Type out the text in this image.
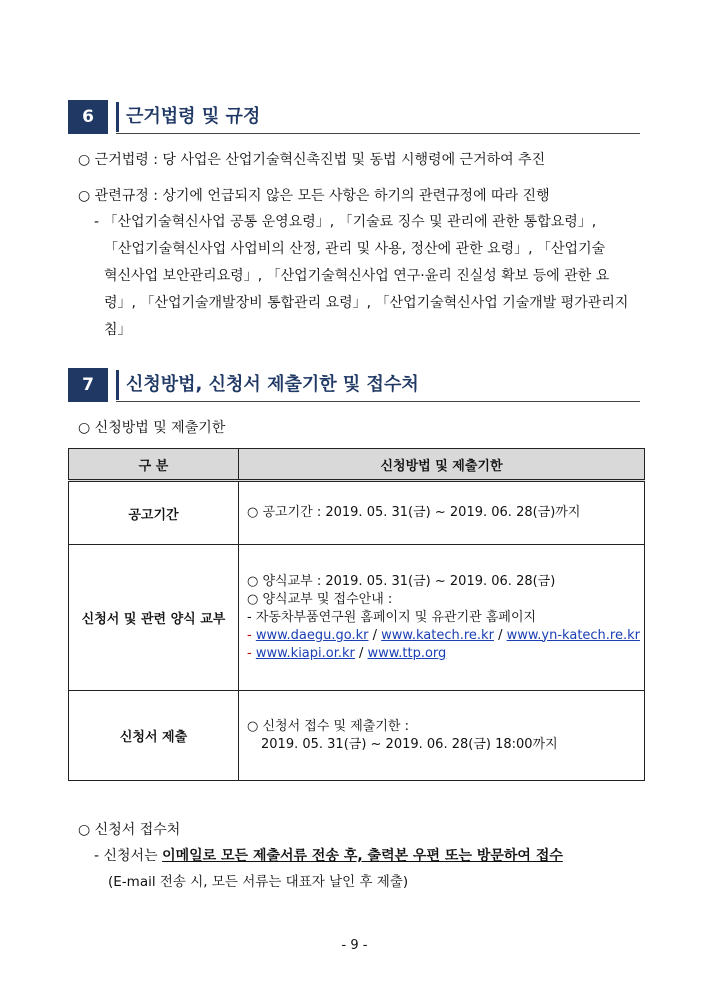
6	근거법령 및 규정
○ 근거법령 : 당 사업은 산업기술혁신촉진법 및 동법 시행령에 근거하여 추진
○ 관련규정 : 상기에 언급되지 않은 모든 사항은 하기의 관련규정에 따라 진행
- 「산업기술혁신사업 공통 운영요령」, 「기술료 징수 및 관리에 관한 통합요령」,
「산업기술혁신사업 사업비의 산정, 관리 및 사용, 정산에 관한 요령」, 「산업기술
혁신사업 보안관리요령」, 「산업기술혁신사업 연구·윤리 진실성 확보 등에 관한 요
령」, 「산업기술개발장비 통합관리 요령」, 「산업기술혁신사업 기술개발 평가관리지
침」
7	신청방법, 신청서 제출기한 및 접수처
○ 신청방법 및 제출기한
구 분	신청방법 및 제출기한
공고기간	○ 공고기간 : 2019. 05. 31(금) ~ 2019. 06. 28(금)까지

신청서 및 관련 양식 교부	○ 양식교부 : 2019. 05. 31(금) ~ 2019. 06. 28(금)
○ 양식교부 및 접수안내 :
- 자동차부품연구원 홈페이지 및 유관기관 홈페이지
- www.daegu.go.kr / www.katech.re.kr / www.yn-katech.re.kr
- www.kiapi.or.kr / www.ttp.org

신청서 제출	○ 신청서 접수 및 제출기한 :
2019. 05. 31(금) ~ 2019. 06. 28(금) 18:00까지
○ 신청서 접수처
- 신청서는 이메일로 모든 제출서류 전송 후, 출력본 우편 또는 방문하여 접수
(E-mail 전송 시, 모든 서류는 대표자 날인 후 제출)
- 9 -
